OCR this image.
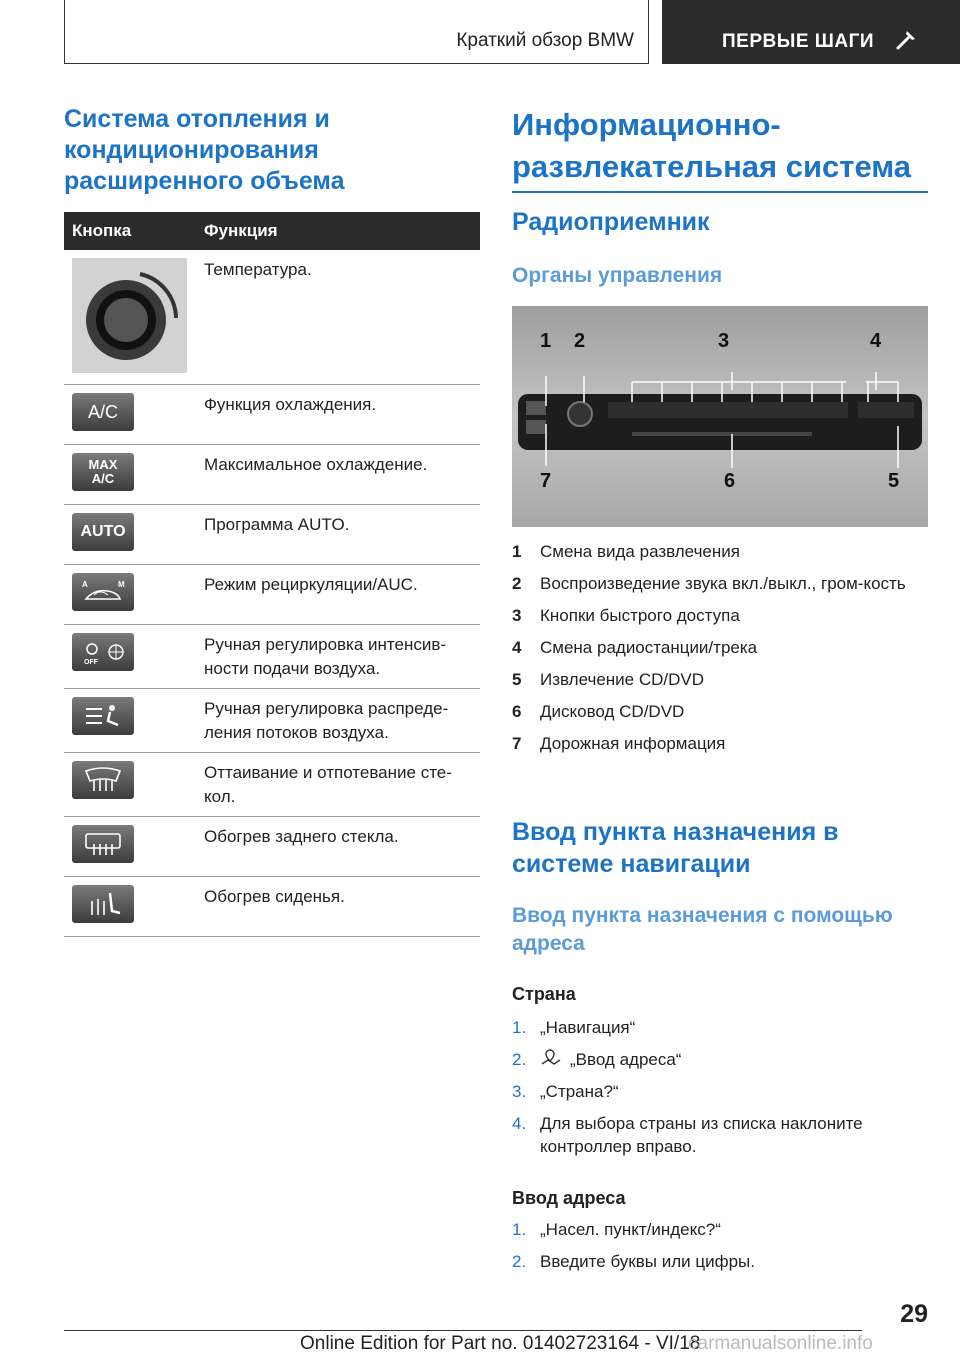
Краткий обзор BMW	ПЕРВЫЕ ШАГИ
Система отопления и кондиционирования расширенного объема
Кнопка	Функция

	Температура.

A/C	Функция охлаждения.

MAX A/C	Максимальное охлаждение.

AUTO	Программа AUTO.

A M	Режим рециркуляции/AUC.

OFF	Ручная регулировка интенсив-ности подачи воздуха.

	Ручная регулировка распреде-ления потоков воздуха.

	Оттаивание и отпотевание сте-кол.

	Обогрев заднего стекла.

	Обогрев сиденья.
Информационно-развлекательная система
Радиоприемник
Органы управления
1 2	3	4
7	6	5
1	Смена вида развлечения
2	Воспроизведение звука вкл./выкл., гром-кость
3	Кнопки быстрого доступа
4	Смена радиостанции/трека
5	Извлечение CD/DVD
6	Дисковод CD/DVD
7	Дорожная информация
Ввод пункта назначения в системе навигации
Ввод пункта назначения с помощью адреса
Страна
1. „Навигация“
2.	„Ввод адреса“
3. „Страна?“
4. Для выбора страны из списка наклоните контроллер вправо.
Ввод адреса
1. „Насел. пункт/индекс?“
2. Введите буквы или цифры.
29
Online Edition for Part no. 01402723164 - VI/18
carmanualsonline.info
